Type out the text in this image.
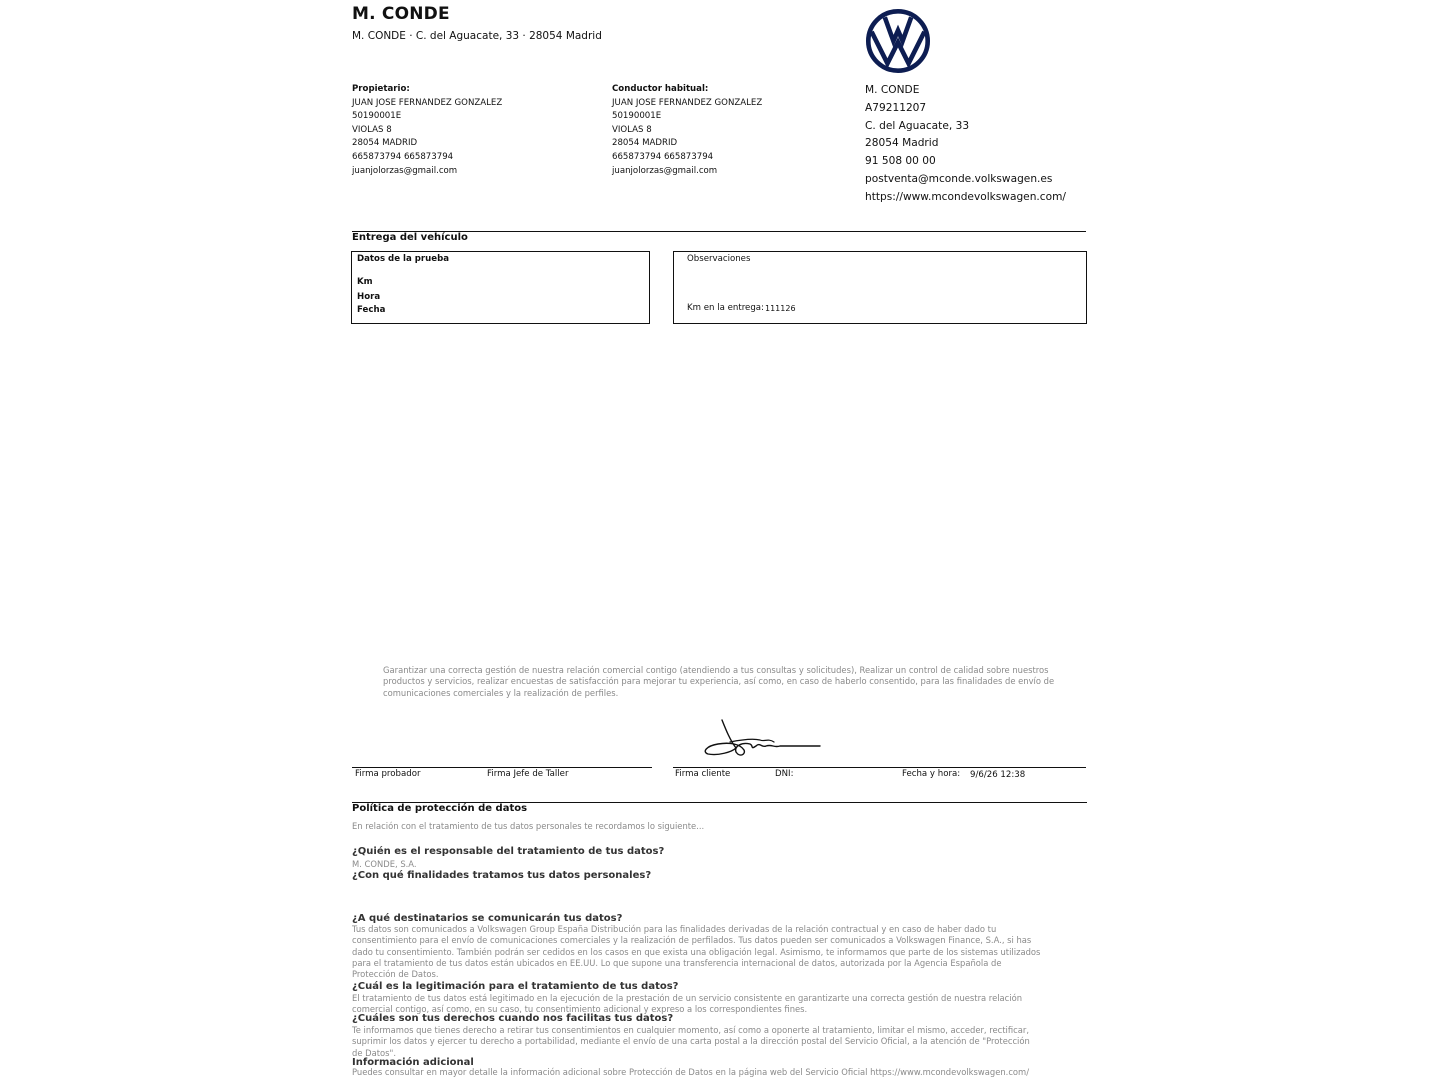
M. CONDE
M. CONDE · C. del Aguacate, 33 · 28054 Madrid
Propietario:
JUAN JOSE FERNANDEZ GONZALEZ
50190001E
VIOLAS 8
28054 MADRID
665873794 665873794
juanjolorzas@gmail.com
Conductor habitual:
JUAN JOSE FERNANDEZ GONZALEZ
50190001E
VIOLAS 8
28054 MADRID
665873794 665873794
juanjolorzas@gmail.com
M. CONDE
A79211207
C. del Aguacate, 33
28054 Madrid
91 508 00 00
postventa@mconde.volkswagen.es
https://www.mcondevolkswagen.com/
Entrega del vehículo
Datos de la prueba
Km
Hora
Fecha
Observaciones
Km en la entrega: 111126
Garantizar una correcta gestión de nuestra relación comercial contigo (atendiendo a tus consultas y solicitudes), Realizar un control de calidad sobre nuestros productos y servicios, realizar encuestas de satisfacción para mejorar tu experiencia, así como, en caso de haberlo consentido, para las finalidades de envío de comunicaciones comerciales y la realización de perfiles.
Firma probador	Firma Jefe de Taller	Firma cliente	DNI:	Fecha y hora: 9/6/26 12:38
Política de protección de datos
En relación con el tratamiento de tus datos personales te recordamos lo siguiente...
¿Quién es el responsable del tratamiento de tus datos?
M. CONDE, S.A.
¿Con qué finalidades tratamos tus datos personales?
¿A qué destinatarios se comunicarán tus datos?
Tus datos son comunicados a Volkswagen Group España Distribución para las finalidades derivadas de la relación contractual y en caso de haber dado tu consentimiento para el envío de comunicaciones comerciales y la realización de perfilados. Tus datos pueden ser comunicados a Volkswagen Finance, S.A., si has dado tu consentimiento. También podrán ser cedidos en los casos en que exista una obligación legal. Asimismo, te informamos que parte de los sistemas utilizados para el tratamiento de tus datos están ubicados en EE.UU. Lo que supone una transferencia internacional de datos, autorizada por la Agencia Española de Protección de Datos.
¿Cuál es la legitimación para el tratamiento de tus datos?
El tratamiento de tus datos está legitimado en la ejecución de la prestación de un servicio consistente en garantizarte una correcta gestión de nuestra relación comercial contigo, así como, en su caso, tu consentimiento adicional y expreso a los correspondientes fines.
¿Cuáles son tus derechos cuando nos facilitas tus datos?
Te informamos que tienes derecho a retirar tus consentimientos en cualquier momento, así como a oponerte al tratamiento, limitar el mismo, acceder, rectificar, suprimir los datos y ejercer tu derecho a portabilidad, mediante el envío de una carta postal a la dirección postal del Servicio Oficial, a la atención de "Protección de Datos".
Información adicional
Puedes consultar en mayor detalle la información adicional sobre Protección de Datos en la página web del Servicio Oficial https://www.mcondevolkswagen.com/
